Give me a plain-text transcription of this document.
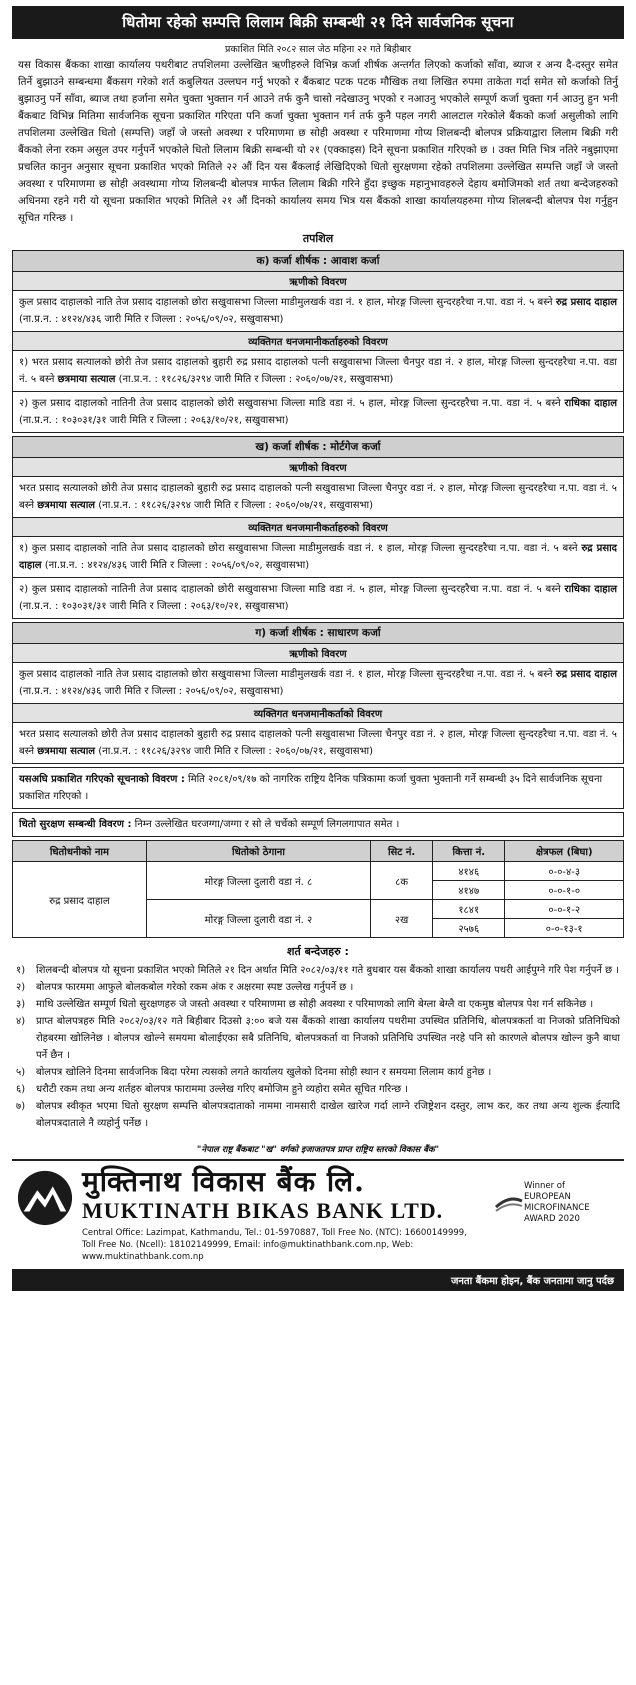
धितोमा रहेको सम्पत्ति लिलाम बिक्री सम्बन्धी २१ दिने सार्वजनिक सूचना
प्रकाशित मिति २०८२ साल जेठ महिना २२ गते बिहीबार
यस विकास बैंकका शाखा कार्यालय पथरीबाट तपशिलमा उल्लेखित ऋणीहरुले विभिन्न कर्जा शीर्षक अन्तर्गत लिएको कर्जाको साँवा, ब्याज र अन्य दै-दस्तुर समेत तिर्ने बुझाउने सम्बन्धमा बैंकसग गरेको शर्त कबुलियत उल्लघन गर्नु भएको र बैंकबाट पटक पटक मौखिक तथा लिखित रुपमा ताकेता गर्दा समेत सो कर्जाको तिर्नु बुझाउनु पर्ने साँवा, ब्याज तथा हर्जाना समेत चुक्ता भुक्तान गर्न आउने तर्फ कुनै चासो नदेखाउनु भएको र नआउनु भएकोले सम्पूर्ण कर्जा चुक्ता गर्न आउनु हुन भनी बैंकबाट विभिन्न मितिमा सार्वजनिक सूचना प्रकाशित गरिएता पनि कर्जा चुक्ता भुक्तान गर्न तर्फ कुनै पहल नगरी आलटाल गरेकोले बैंकको कर्जा असुलीको लागि तपशिलमा उल्लेखित धितो (सम्पत्ति) जहाँ जे जस्तो अवस्था र परिमाणमा छ सोही अवस्था र परिमाणमा गोप्य शिलबन्दी बोलपत्र प्रक्रियाद्वारा लिलाम बिक्री गरी बैंकको लेना रकम असुल उपर गर्नुपर्ने भएकोले धितो लिलाम बिक्री सम्बन्धी यो २१ (एक्काइस) दिने सूचना प्रकाशित गरिएको छ । उक्त मिति भित्र नतिरे नबुझाएमा प्रचलित कानुन अनुसार सूचना प्रकाशित भएको मितिले २२ औं दिन यस बैंकलाई लेखिदिएको धितो सुरक्षणमा रहेको तपशिलमा उल्लेखित सम्पत्ति जहाँ जे जस्तो अवस्था र परिमाणमा छ सोही अवस्थामा गोप्य शिलबन्दी बोलपत्र मार्फत लिलाम बिक्री गरिने हुँदा इच्छुक महानुभावहरुले देहाय बमोजिमको शर्त तथा बन्देजहरुको अधिनमा रहने गरी यो सूचना प्रकाशित भएको मितिले २१ औं दिनको कार्यालय समय भित्र यस बैंकको शाखा कार्यालयहरुमा गोप्य शिलबन्दी बोलपत्र पेश गर्नुहुन सूचित गरिन्छ ।
तपशिल
क) कर्जा शीर्षक : आवाश कर्जा
ऋणीको विवरण
कुल प्रसाद दाहालको नाति तेज प्रसाद दाहालको छोरा सखुवासभा जिल्ला माडीमुलखर्क वडा नं. १ हाल, मोरङ्ग जिल्ला सुन्दरहरैचा न.पा. वडा नं. ५ बस्ने रुद्र प्रसाद दाहाल (ना.प्र.न. : ४१२४/४३६ जारी मिति र जिल्ला : २०५६/०९/०२, सखुवासभा)
व्यक्तिगत धनजमानीकर्ताहरुको विवरण
१) भरत प्रसाद सत्यालको छोरी तेज प्रसाद दाहालको बुहारी रुद्र प्रसाद दाहालको पत्नी सखुवासभा जिल्ला चैनपुर वडा नं. २ हाल, मोरङ्ग जिल्ला सुन्दरहरैचा न.पा. वडा नं. ५ बस्ने छत्रमाया सत्याल (ना.प्र.न. : ११८२६/३२९४ जारी मिति र जिल्ला : २०६०/०७/२१, सखुवासभा)
२) कुल प्रसाद दाहालको नातिनी तेज प्रसाद दाहालको छोरी सखुवासभा जिल्ला माडि वडा नं. ५ हाल, मोरङ्ग जिल्ला सुन्दरहरैचा न.पा. वडा नं. ५ बस्ने राधिका दाहाल (ना.प्र.न. : १०३०३१/३१ जारी मिति र जिल्ला : २०६३/१०/२१, सखुवासभा)
ख) कर्जा शीर्षक : मोर्टगेज कर्जा
ऋणीको विवरण
भरत प्रसाद सत्यालको छोरी तेज प्रसाद दाहालको बुहारी रुद्र प्रसाद दाहालको पत्नी सखुवासभा जिल्ला चैनपुर वडा नं. २ हाल, मोरङ्ग जिल्ला सुन्दरहरैचा न.पा. वडा नं. ५ बस्ने छत्रमाया सत्याल (ना.प्र.न. : ११८२६/३२९४ जारी मिति र जिल्ला : २०६०/०७/२१, सखुवासभा)
व्यक्तिगत धनजमानीकर्ताहरुको विवरण
१) कुल प्रसाद दाहालको नाति तेज प्रसाद दाहालको छोरा सखुवासभा जिल्ला माडीमुलखर्क वडा नं. १ हाल, मोरङ्ग जिल्ला सुन्दरहरैचा न.पा. वडा नं. ५ बस्ने रुद्र प्रसाद दाहाल (ना.प्र.न. : ४१२४/४३६ जारी मिति र जिल्ला : २०५६/०९/०२, सखुवासभा)
२) कुल प्रसाद दाहालको नातिनी तेज प्रसाद दाहालको छोरी सखुवासभा जिल्ला माडि वडा नं. ५ हाल, मोरङ्ग जिल्ला सुन्दरहरैचा न.पा. वडा नं. ५ बस्ने राधिका दाहाल (ना.प्र.न. : १०३०३१/३१ जारी मिति र जिल्ला : २०६३/१०/२१, सखुवासभा)
ग) कर्जा शीर्षक : साधारण कर्जा
ऋणीको विवरण
कुल प्रसाद दाहालको नाति तेज प्रसाद दाहालको छोरा सखुवासभा जिल्ला माडीमुलखर्क वडा नं. १ हाल, मोरङ्ग जिल्ला सुन्दरहरैचा न.पा. वडा नं. ५ बस्ने रुद्र प्रसाद दाहाल (ना.प्र.न. : ४१२४/४३६ जारी मिति र जिल्ला : २०५६/०९/०२, सखुवासभा)
व्यक्तिगत धनजमानीकर्ताको विवरण
भरत प्रसाद सत्यालको छोरी तेज प्रसाद दाहालको बुहारी रुद्र प्रसाद दाहालको पत्नी सखुवासभा जिल्ला चैनपुर वडा नं. २ हाल, मोरङ्ग जिल्ला सुन्दरहरैचा न.पा. वडा नं. ५ बस्ने छत्रमाया सत्याल (ना.प्र.न. : ११८२६/३२९४ जारी मिति र जिल्ला : २०६०/०७/२१, सखुवासभा)
यसअघि प्रकाशित गरिएको सूचनाको विवरण : मिति २०८१/०९/१७ को नागरिक राष्ट्रिय दैनिक पत्रिकामा कर्जा चुक्ता भुक्तानी गर्ने सम्बन्धी ३५ दिने सार्वजनिक सूचना प्रकाशित गरिएको ।
धितो सुरक्षण सम्बन्धी विवरण : निम्न उल्लेखित घरजग्गा/जग्गा र सो ले चर्चेको सम्पूर्ण लिगलगापात समेत ।
धितोधनीको नाम	धितोको ठेगाना	सिट नं.	कित्ता नं.	क्षेत्रफल (बिघा)
रुद्र प्रसाद दाहाल	मोरङ्ग जिल्ला दुलारी वडा नं. ८	८क	४१४६	०-०-४-३
			४१४७	०-०-१-०
	मोरङ्ग जिल्ला दुलारी वडा नं. २	२ख	१८४१	०-०-१-२
			२५७६	०-०-१३-१
शर्त बन्देजहरु :
१)	शिलबन्दी बोलपत्र यो सूचना प्रकाशित भएको मितिले २१ दिन अर्थात मिति २०८२/०३/११ गते बुधबार यस बैंकको शाखा कार्यालय पथरी आईपुग्ने गरि पेश गर्नुपर्ने छ ।
२)	बोलपत्र फारममा आफुले बोलकबोल गरेको रकम अंक र अक्षरमा स्पष्ट उल्लेख गर्नुपर्ने छ ।
३)	माथि उल्लेखित सम्पूर्ण धितो सुरक्षणहरु जे जस्तो अवस्था र परिमाणमा छ सोही अवस्था र परिमाणको लागि बेग्ला बेग्लै वा एकमुष्ठ बोलपत्र पेश गर्न सकिनेछ ।
४)	प्राप्त बोलपत्रहरु मिति २०८२/०३/१२ गते बिहीबार दिउसो ३:०० बजे यस बैंकको शाखा कार्यालय पथरीमा उपस्थित प्रतिनिधि, बोलपत्रकर्ता वा निजको प्रतिनिधिको रोहबरमा खोलिनेछ । बोलपत्र खोल्ने समयमा बोलाईएका सबै प्रतिनिधि, बोलपत्रकर्ता वा निजको प्रतिनिधि उपस्थित नरहे पनि सो कारणले बोलपत्र खोल्न कुनै बाधा पर्ने छैन ।
५)	बोलपत्र खोलिने दिनमा सार्वजनिक बिदा परेमा त्यसको लगते कार्यालय खुलेको दिनमा सोही स्थान र समयमा लिलाम कार्य हुनेछ ।
६)	धरौटी रकम तथा अन्य शर्तहरु बोलपत्र फाराममा उल्लेख गरिए बमोजिम हुने व्यहोरा समेत सूचित गरिन्छ ।
७)	बोलपत्र स्वीकृत भएमा धितो सुरक्षण सम्पत्ति बोलपत्रदाताको नाममा नामसारी दाखेल खारेज गर्दा लाग्ने रजिष्ट्रेशन दस्तुर, लाभ कर, कर तथा अन्य शुल्क ईत्यादि बोलपत्रदाताले नै व्यहोर्नु पर्नेछ ।
"नेपाल राष्ट्र बैंकबाट "ख" वर्गको इजाजतपत्र प्राप्त राष्ट्रिय स्तरको विकास बैंक"
मुक्तिनाथ विकास बैंक लि.
MUKTINATH BIKAS BANK LTD.
Central Office: Lazimpat, Kathmandu, Tel.: 01-5970887, Toll Free No. (NTC): 16600149999,
Toll Free No. (Ncell): 18102149999, Email: info@muktinathbank.com.np, Web: www.muktinathbank.com.np
Winner of
EUROPEAN
MICROFINANCE
AWARD 2020
जनता बैंकमा होइन, बैंक जनतामा जानु पर्दछ
